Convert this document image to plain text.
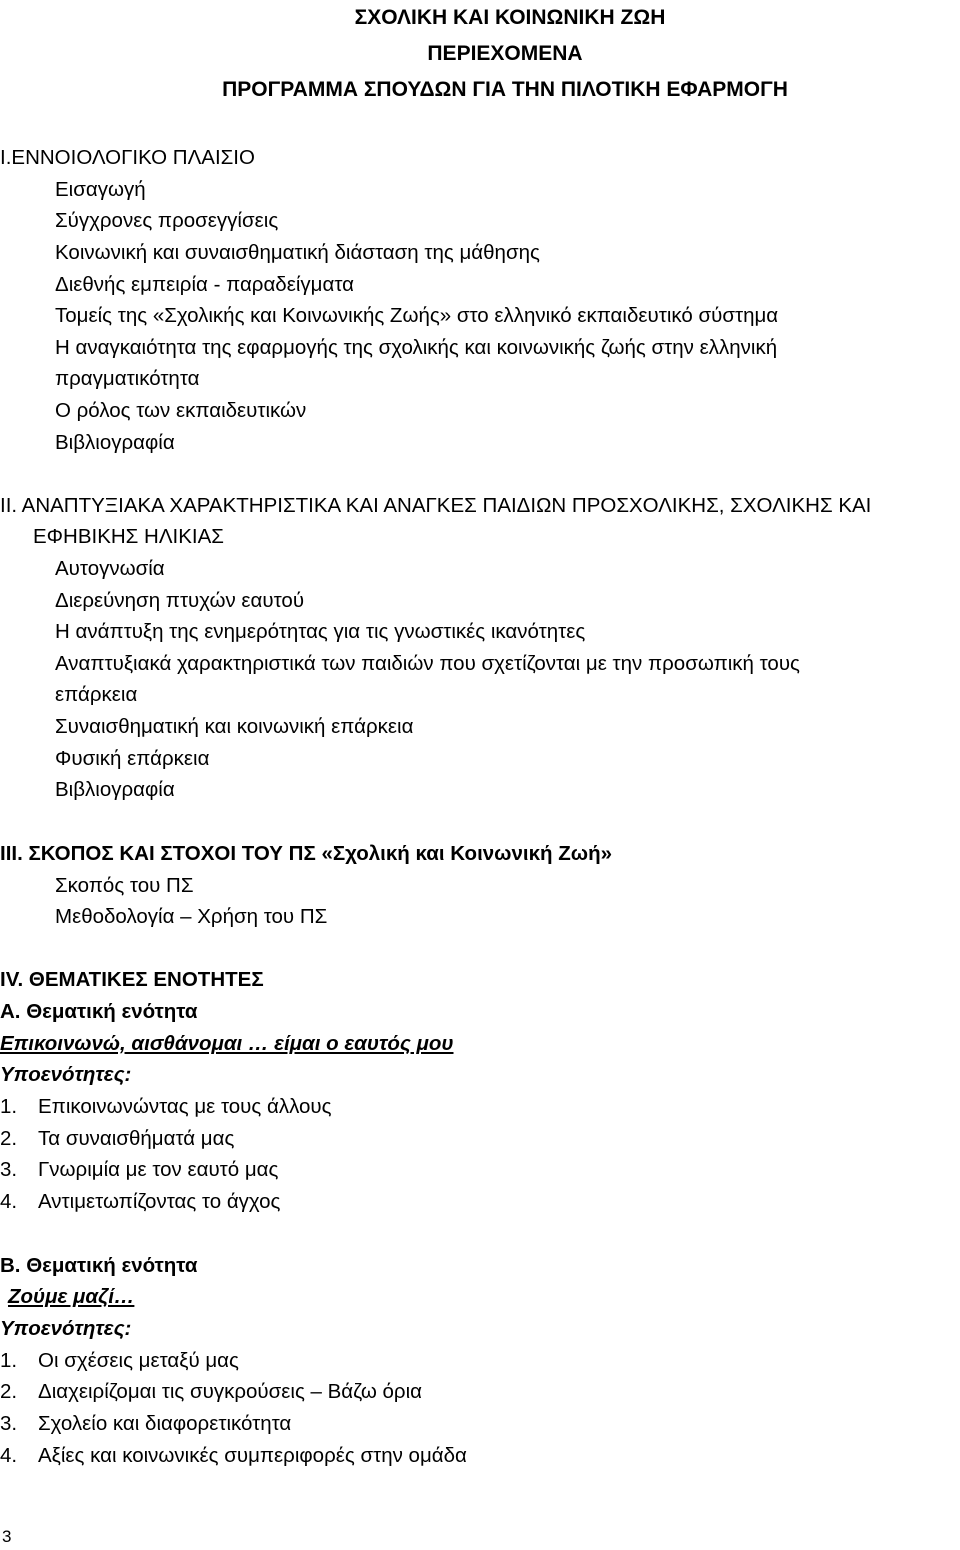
ΣΧΟΛΙΚΗ ΚΑΙ ΚΟΙΝΩΝΙΚΗ ΖΩΗ
ΠΕΡΙΕΧΟΜΕΝΑ
ΠΡΟΓΡΑΜΜΑ ΣΠΟΥΔΩΝ ΓΙΑ ΤΗΝ ΠΙΛΟΤΙΚΗ ΕΦΑΡΜΟΓΗ
Ι.ΕΝΝΟΙΟΛΟΓΙΚΟ ΠΛΑΙΣΙΟ
Εισαγωγή
Σύγχρονες προσεγγίσεις
Κοινωνική και συναισθηματική διάσταση της μάθησης
Διεθνής εμπειρία - παραδείγματα
Τομείς της «Σχολικής και Κοινωνικής Ζωής» στο ελληνικό εκπαιδευτικό σύστημα
Η αναγκαιότητα της εφαρμογής της σχολικής και κοινωνικής ζωής στην ελληνική
πραγματικότητα
Ο ρόλος των εκπαιδευτικών
Βιβλιογραφία
ΙΙ. ΑΝΑΠΤΥΞΙΑΚΑ ΧΑΡΑΚΤΗΡΙΣΤΙΚΑ ΚΑΙ ΑΝΑΓΚΕΣ ΠΑΙΔΙΩΝ ΠΡΟΣΧΟΛΙΚΗΣ, ΣΧΟΛΙΚΗΣ ΚΑΙ
ΕΦΗΒΙΚΗΣ ΗΛΙΚΙΑΣ
Αυτογνωσία
Διερεύνηση πτυχών εαυτού
Η ανάπτυξη της ενημερότητας για τις γνωστικές ικανότητες
Αναπτυξιακά χαρακτηριστικά των παιδιών που σχετίζονται με την προσωπική τους
επάρκεια
Συναισθηματική και κοινωνική επάρκεια
Φυσική επάρκεια
Βιβλιογραφία
ΙΙΙ. ΣΚΟΠΟΣ ΚΑΙ ΣΤΟΧΟΙ ΤΟΥ ΠΣ «Σχολική και Κοινωνική Ζωή»
Σκοπός του ΠΣ
Μεθοδολογία – Χρήση του ΠΣ
IV. ΘΕΜΑΤΙΚΕΣ ΕΝΟΤΗΤΕΣ
Α. Θεματική ενότητα
Επικοινωνώ, αισθάνομαι … είμαι ο εαυτός μου
Υποενότητες:
1. Επικοινωνώντας με τους άλλους
2. Τα συναισθήματά μας
3. Γνωριμία με τον εαυτό μας
4. Αντιμετωπίζοντας το άγχος
Β. Θεματική ενότητα
Ζούμε μαζί…
Υποενότητες:
1. Οι σχέσεις μεταξύ μας
2. Διαχειρίζομαι τις συγκρούσεις – Βάζω όρια
3. Σχολείο και διαφορετικότητα
4. Αξίες και κοινωνικές συμπεριφορές στην ομάδα
3
